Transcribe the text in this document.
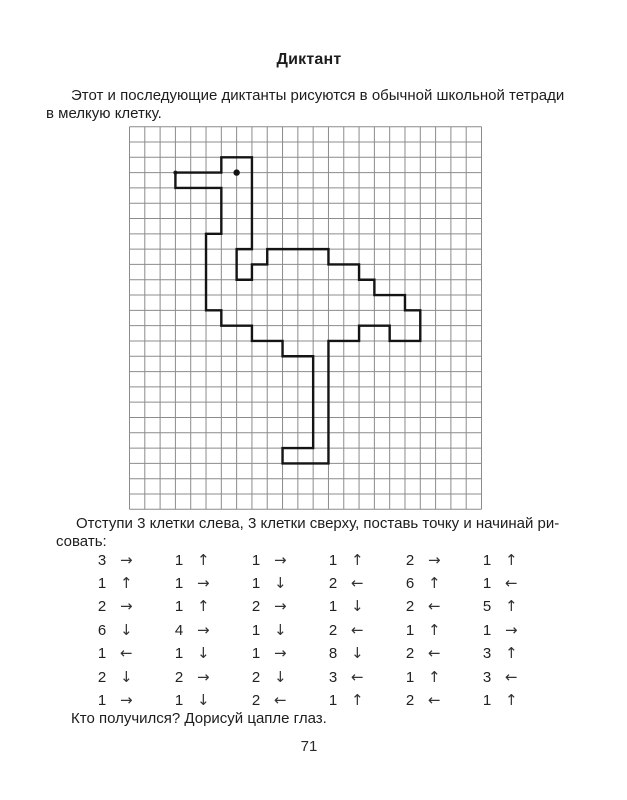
Диктант

Этот и последующие диктанты рисуются в обычной школьной тетради
в мелкую клетку.

Отступи 3 клетки слева, 3 клетки сверху, поставь точку и начинай ри-
совать:

3 →	1 ↑	1 →	1 ↑	2 →	1 ↑
1 ↑	1 →	1 ↓	2 ←	6 ↑	1 ←
2 →	1 ↑	2 →	1 ↓	2 ←	5 ↑
6 ↓	4 →	1 ↓	2 ←	1 ↑	1 →
1 ←	1 ↓	1 →	8 ↓	2 ←	3 ↑
2 ↓	2 →	2 ↓	3 ←	1 ↑	3 ←
1 →	1 ↓	2 ←	1 ↑	2 ←	1 ↑

Кто получился? Дорисуй цапле глаз.

71
